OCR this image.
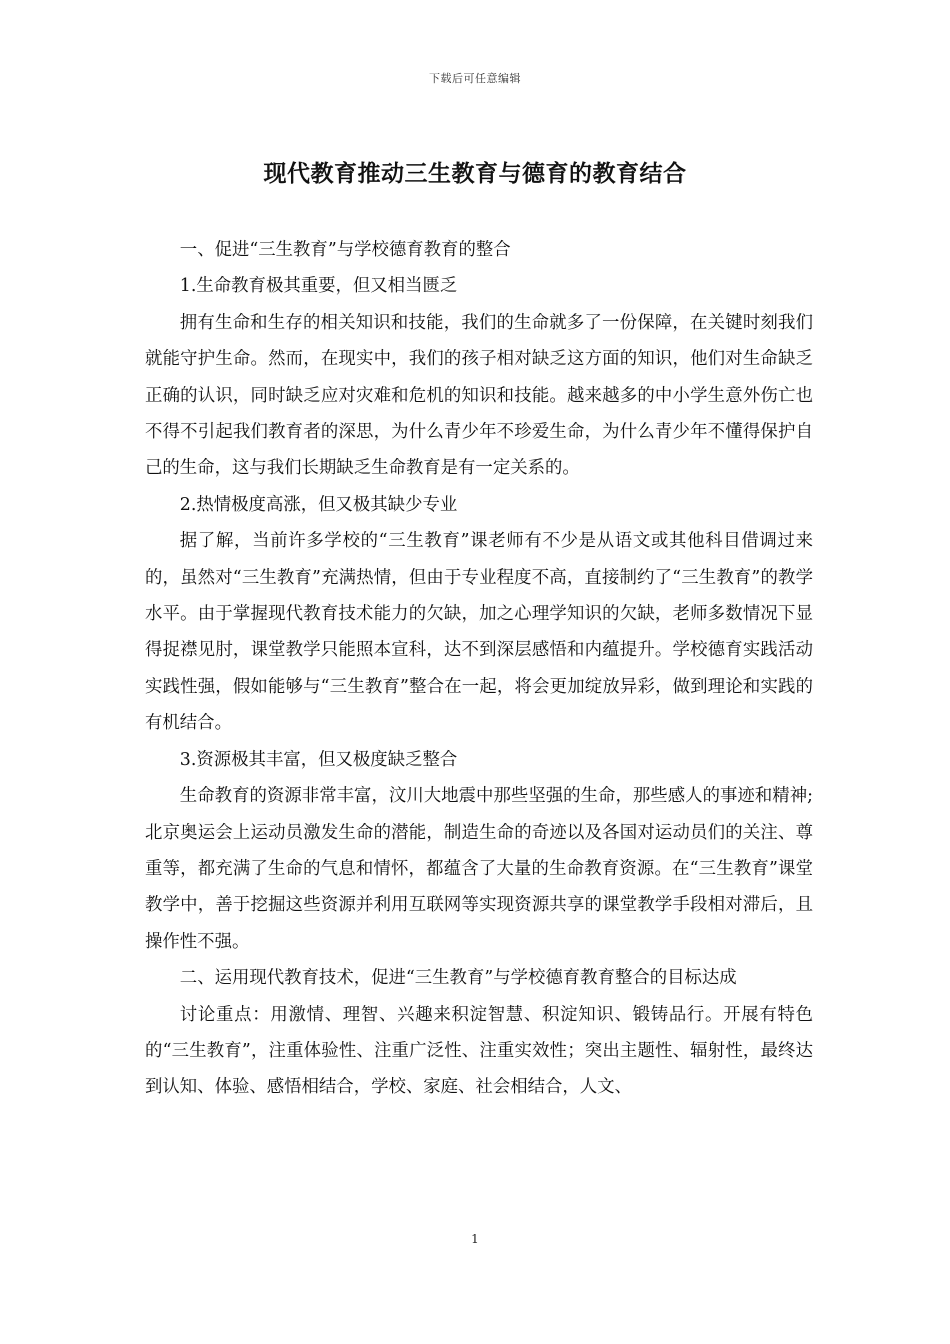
下载后可任意编辑
现代教育推动三生教育与德育的教育结合

一、促进“三生教育”与学校德育教育的整合

1.生命教育极其重要，但又相当匮乏

拥有生命和生存的相关知识和技能，我们的生命就多了一份保障，在关键时刻我们就能守护生命。然而，在现实中，我们的孩子相对缺乏这方面的知识，他们对生命缺乏正确的认识，同时缺乏应对灾难和危机的知识和技能。越来越多的中小学生意外伤亡也不得不引起我们教育者的深思，为什么青少年不珍爱生命，为什么青少年不懂得保护自己的生命，这与我们长期缺乏生命教育是有一定关系的。

2.热情极度高涨，但又极其缺少专业

据了解，当前许多学校的“三生教育”课老师有不少是从语文或其他科目借调过来的，虽然对“三生教育”充满热情，但由于专业程度不高，直接制约了“三生教育”的教学水平。由于掌握现代教育技术能力的欠缺，加之心理学知识的欠缺，老师多数情况下显得捉襟见肘，课堂教学只能照本宣科，达不到深层感悟和内蕴提升。学校德育实践活动实践性强，假如能够与“三生教育”整合在一起，将会更加绽放异彩，做到理论和实践的有机结合。

3.资源极其丰富，但又极度缺乏整合

生命教育的资源非常丰富，汶川大地震中那些坚强的生命，那些感人的事迹和精神;北京奥运会上运动员激发生命的潜能，制造生命的奇迹以及各国对运动员们的关注、尊重等，都充满了生命的气息和情怀，都蕴含了大量的生命教育资源。在“三生教育”课堂教学中，善于挖掘这些资源并利用互联网等实现资源共享的课堂教学手段相对滞后，且操作性不强。

二、运用现代教育技术，促进“三生教育”与学校德育教育整合的目标达成

讨论重点：用激情、理智、兴趣来积淀智慧、积淀知识、锻铸品行。开展有特色的“三生教育”，注重体验性、注重广泛性、注重实效性；突出主题性、辐射性，最终达到认知、体验、感悟相结合，学校、家庭、社会相结合，人文、

1
